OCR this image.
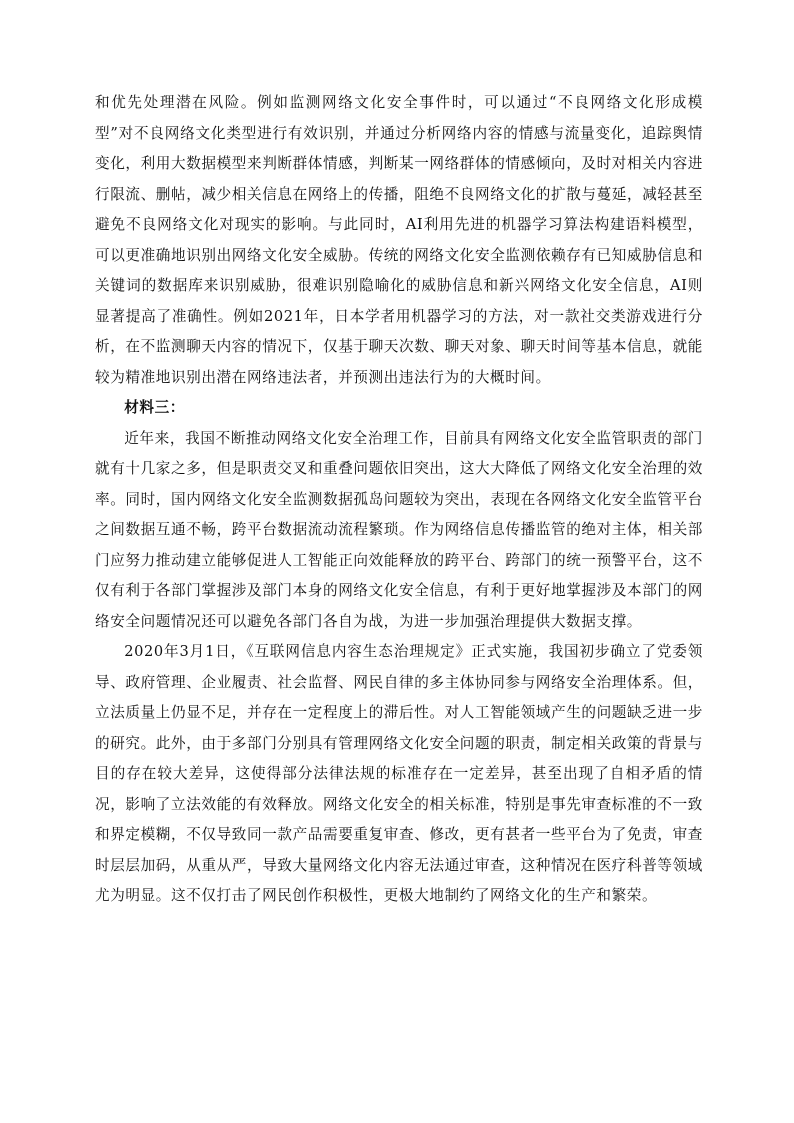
和优先处理潜在风险。例如监测网络文化安全事件时，可以通过“不良网络文化形成模型”对不良网络文化类型进行有效识别，并通过分析网络内容的情感与流量变化，追踪舆情变化，利用大数据模型来判断群体情感，判断某一网络群体的情感倾向，及时对相关内容进行限流、删帖，减少相关信息在网络上的传播，阻绝不良网络文化的扩散与蔓延，减轻甚至避免不良网络文化对现实的影响。与此同时，AI利用先进的机器学习算法构建语料模型，可以更准确地识别出网络文化安全威胁。传统的网络文化安全监测依赖存有已知威胁信息和关键词的数据库来识别威胁，很难识别隐喻化的威胁信息和新兴网络文化安全信息，AI则显著提高了准确性。例如2021年，日本学者用机器学习的方法，对一款社交类游戏进行分析，在不监测聊天内容的情况下，仅基于聊天次数、聊天对象、聊天时间等基本信息，就能较为精准地识别出潜在网络违法者，并预测出违法行为的大概时间。

材料三：

近年来，我国不断推动网络文化安全治理工作，目前具有网络文化安全监管职责的部门就有十几家之多，但是职责交叉和重叠问题依旧突出，这大大降低了网络文化安全治理的效率。同时，国内网络文化安全监测数据孤岛问题较为突出，表现在各网络文化安全监管平台之间数据互通不畅，跨平台数据流动流程繁琐。作为网络信息传播监管的绝对主体，相关部门应努力推动建立能够促进人工智能正向效能释放的跨平台、跨部门的统一预警平台，这不仅有利于各部门掌握涉及部门本身的网络文化安全信息，有利于更好地掌握涉及本部门的网络安全问题情况还可以避免各部门各自为战，为进一步加强治理提供大数据支撑。

2020年3月1日，《互联网信息内容生态治理规定》正式实施，我国初步确立了党委领导、政府管理、企业履责、社会监督、网民自律的多主体协同参与网络安全治理体系。但，立法质量上仍显不足，并存在一定程度上的滞后性。对人工智能领域产生的问题缺乏进一步的研究。此外，由于多部门分别具有管理网络文化安全问题的职责，制定相关政策的背景与目的存在较大差异，这使得部分法律法规的标准存在一定差异，甚至出现了自相矛盾的情况，影响了立法效能的有效释放。网络文化安全的相关标准，特别是事先审查标准的不一致和界定模糊，不仅导致同一款产品需要重复审查、修改，更有甚者一些平台为了免责，审查时层层加码，从重从严，导致大量网络文化内容无法通过审查，这种情况在医疗科普等领域尤为明显。这不仅打击了网民创作积极性，更极大地制约了网络文化的生产和繁荣。
